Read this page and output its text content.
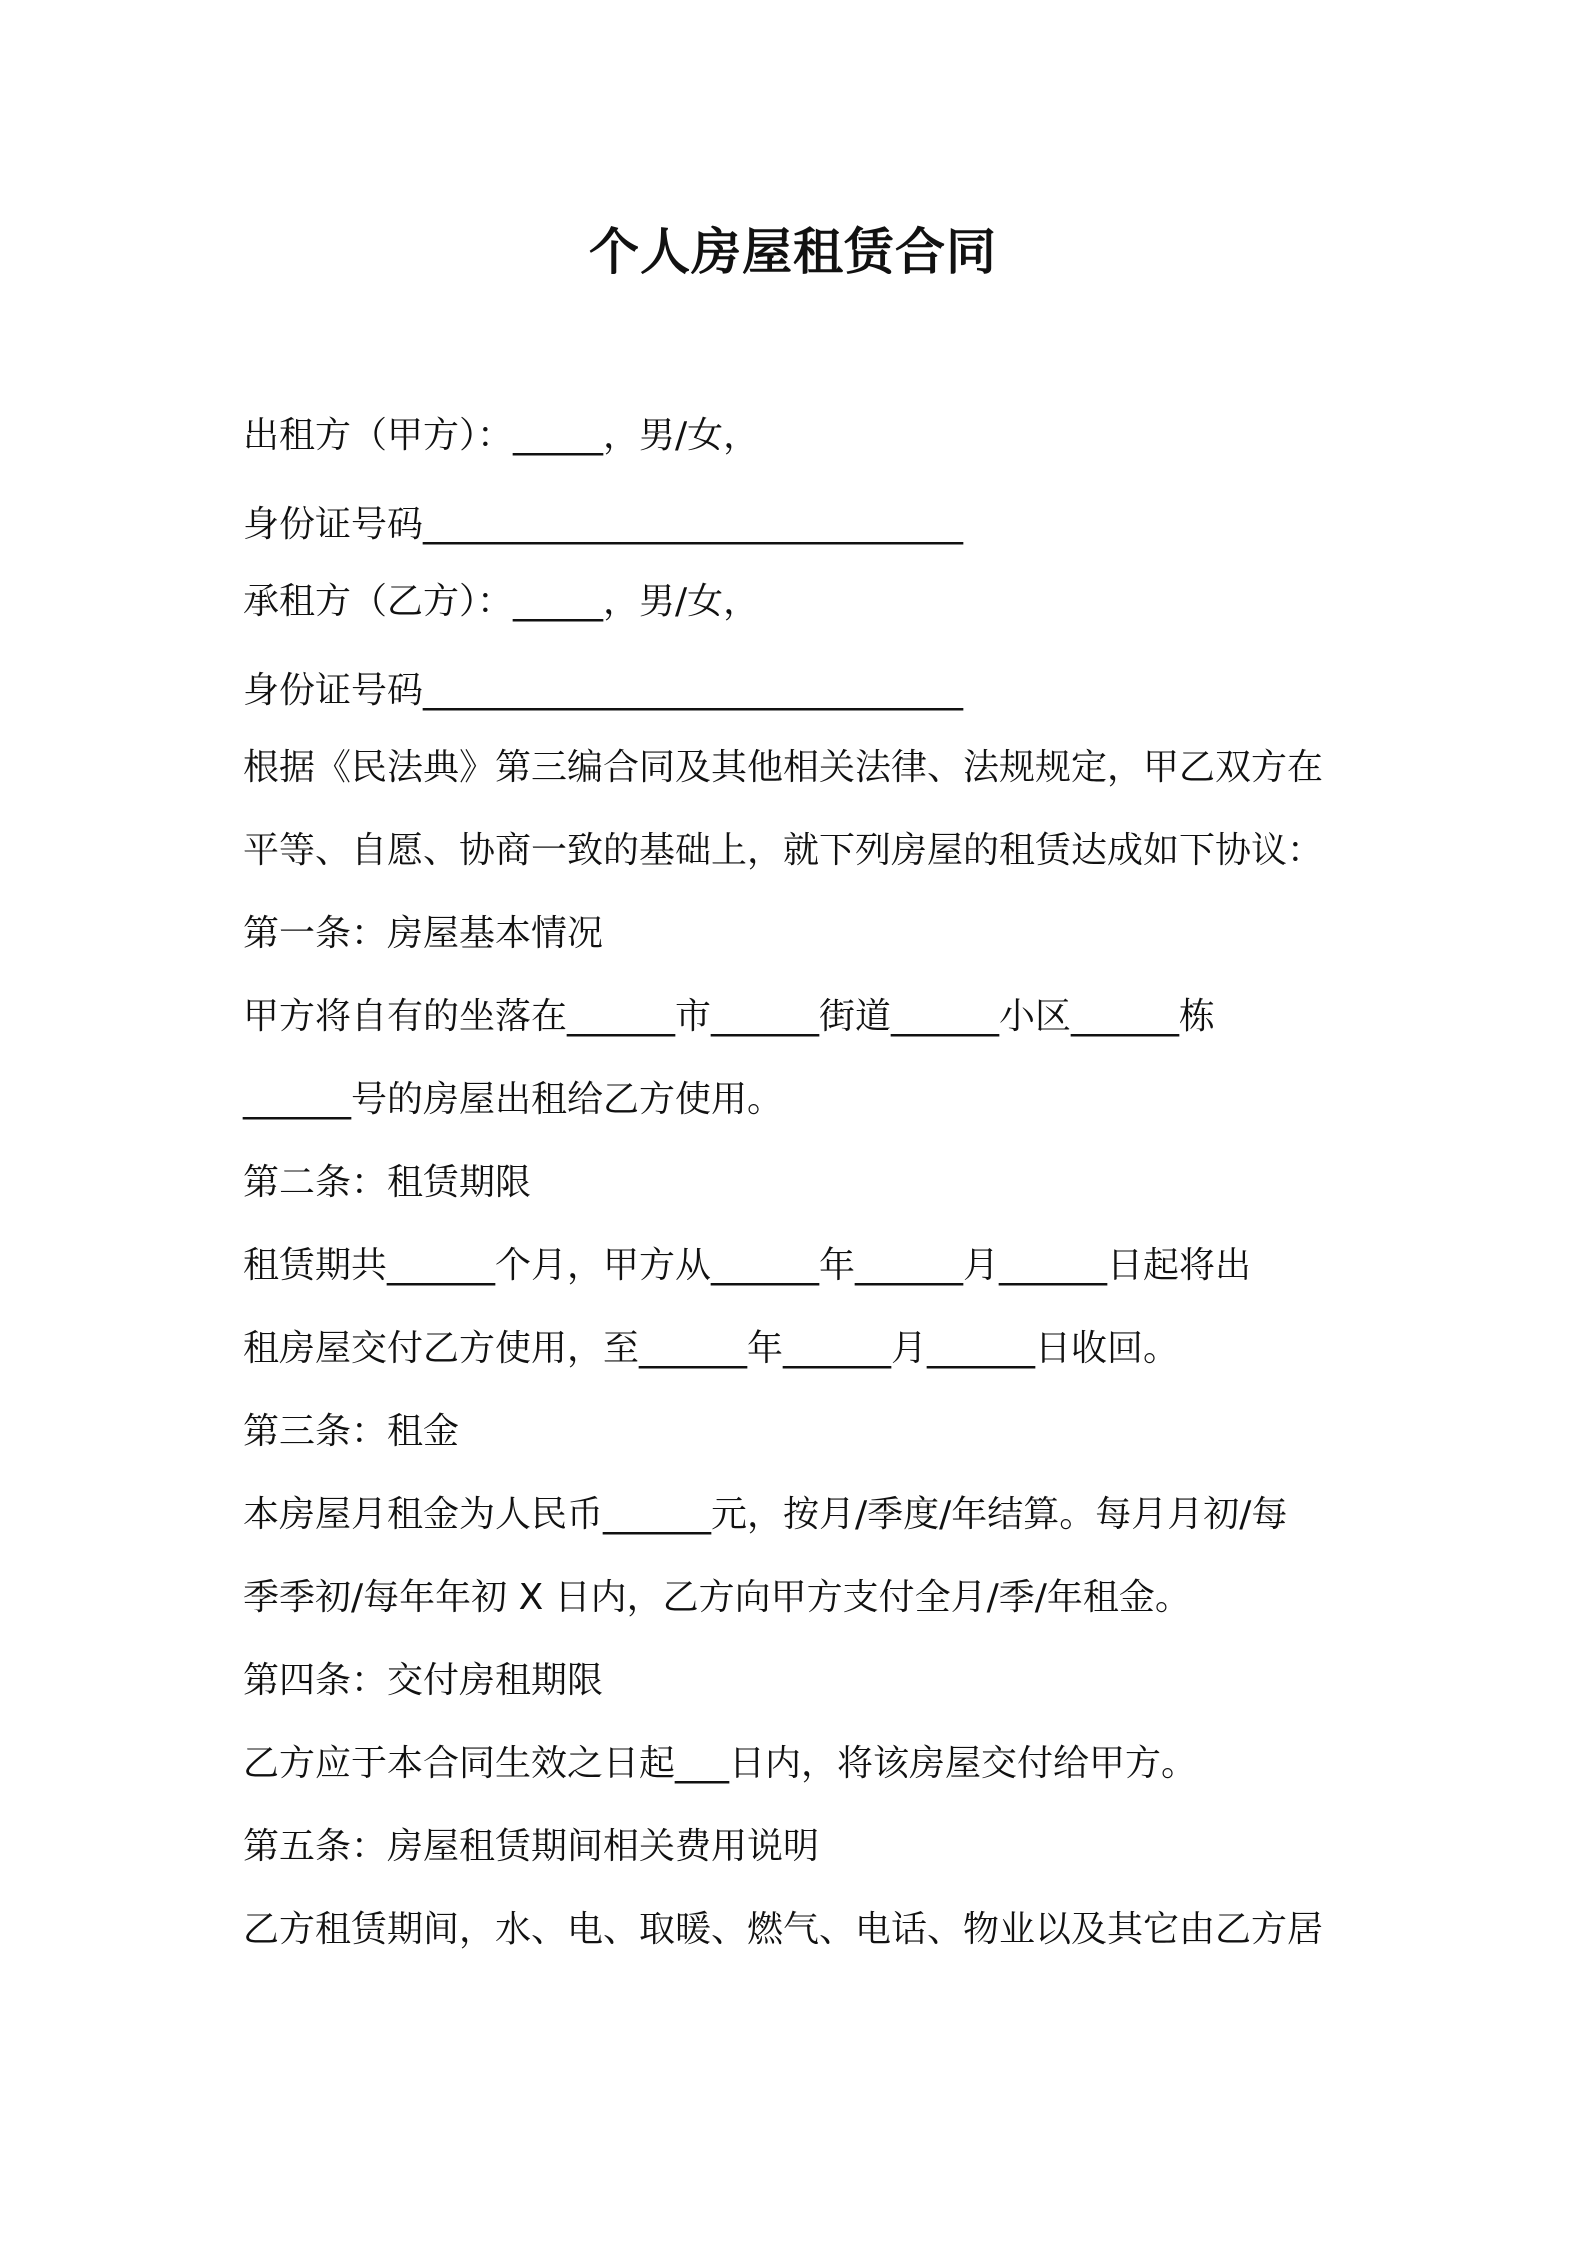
个人房屋租赁合同
出租方（甲方）：_____，男/女，
身份证号码______________________________
承租方（乙方）：_____，男/女，
身份证号码______________________________
根据《民法典》第三编合同及其他相关法律、法规规定，甲乙双方在
平等、自愿、协商一致的基础上，就下列房屋的租赁达成如下协议：
第一条：房屋基本情况
甲方将自有的坐落在______市______街道______小区______栋
______号的房屋出租给乙方使用。
第二条：租赁期限
租赁期共______个月，甲方从______年______月______日起将出
租房屋交付乙方使用，至______年______月______日收回。
第三条：租金
本房屋月租金为人民币______元，按月/季度/年结算。每月月初/每
季季初/每年年初 X 日内，乙方向甲方支付全月/季/年租金。
第四条：交付房租期限
乙方应于本合同生效之日起___日内，将该房屋交付给甲方。
第五条：房屋租赁期间相关费用说明
乙方租赁期间，水、电、取暖、燃气、电话、物业以及其它由乙方居
